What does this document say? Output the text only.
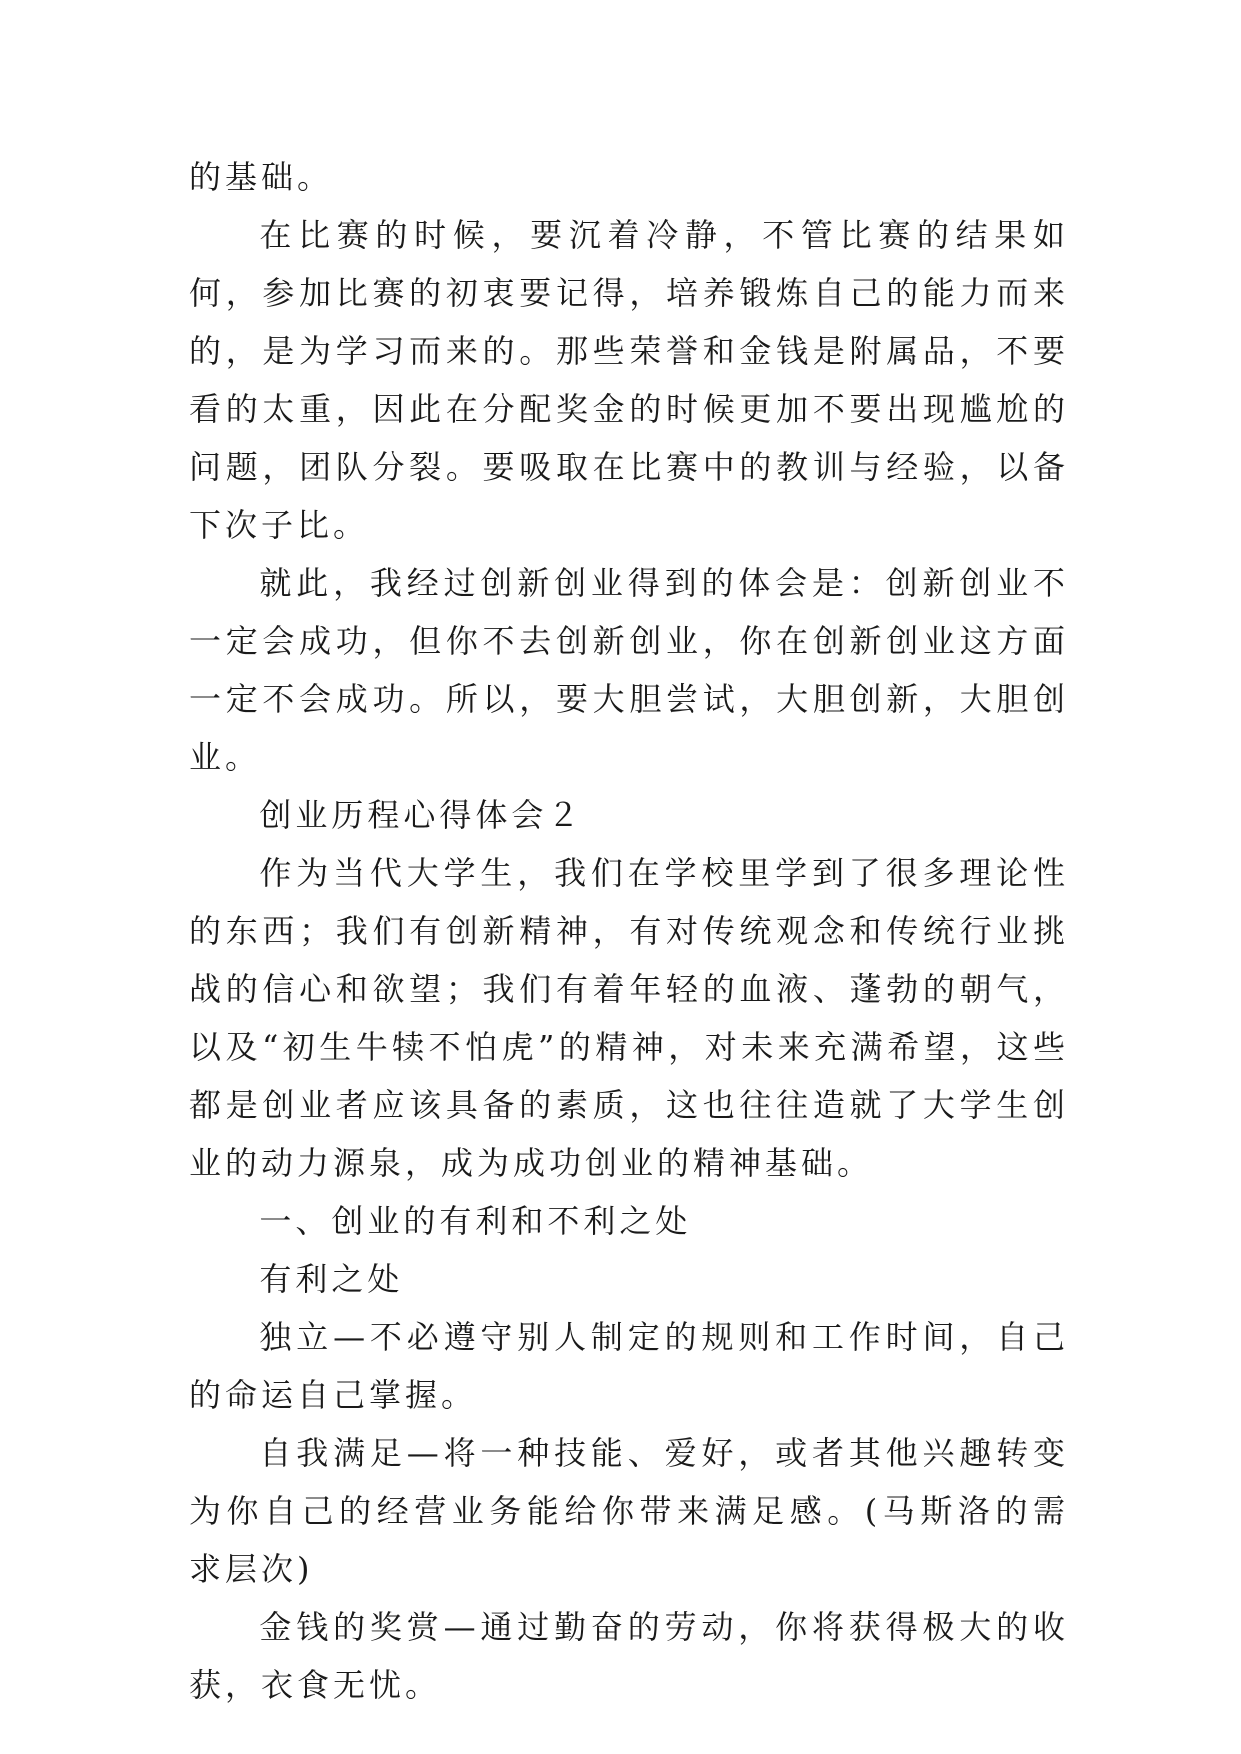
的基础。

在比赛的时候，要沉着冷静，不管比赛的结果如何，参加比赛的初衷要记得，培养锻炼自己的能力而来的，是为学习而来的。那些荣誉和金钱是附属品，不要看的太重，因此在分配奖金的时候更加不要出现尴尬的问题，团队分裂。要吸取在比赛中的教训与经验，以备下次子比。

就此，我经过创新创业得到的体会是：创新创业不一定会成功，但你不去创新创业，你在创新创业这方面一定不会成功。所以，要大胆尝试，大胆创新，大胆创业。

创业历程心得体会２

作为当代大学生，我们在学校里学到了很多理论性的东西；我们有创新精神，有对传统观念和传统行业挑战的信心和欲望；我们有着年轻的血液、蓬勃的朝气，以及“初生牛犊不怕虎”的精神，对未来充满希望，这些都是创业者应该具备的素质，这也往往造就了大学生创业的动力源泉，成为成功创业的精神基础。

一、创业的有利和不利之处

有利之处

独立—不必遵守别人制定的规则和工作时间，自己的命运自己掌握。

自我满足—将一种技能、爱好，或者其他兴趣转变为你自己的经营业务能给你带来满足感。(马斯洛的需求层次)

金钱的奖赏—通过勤奋的劳动，你将获得极大的收获，衣食无忧。
